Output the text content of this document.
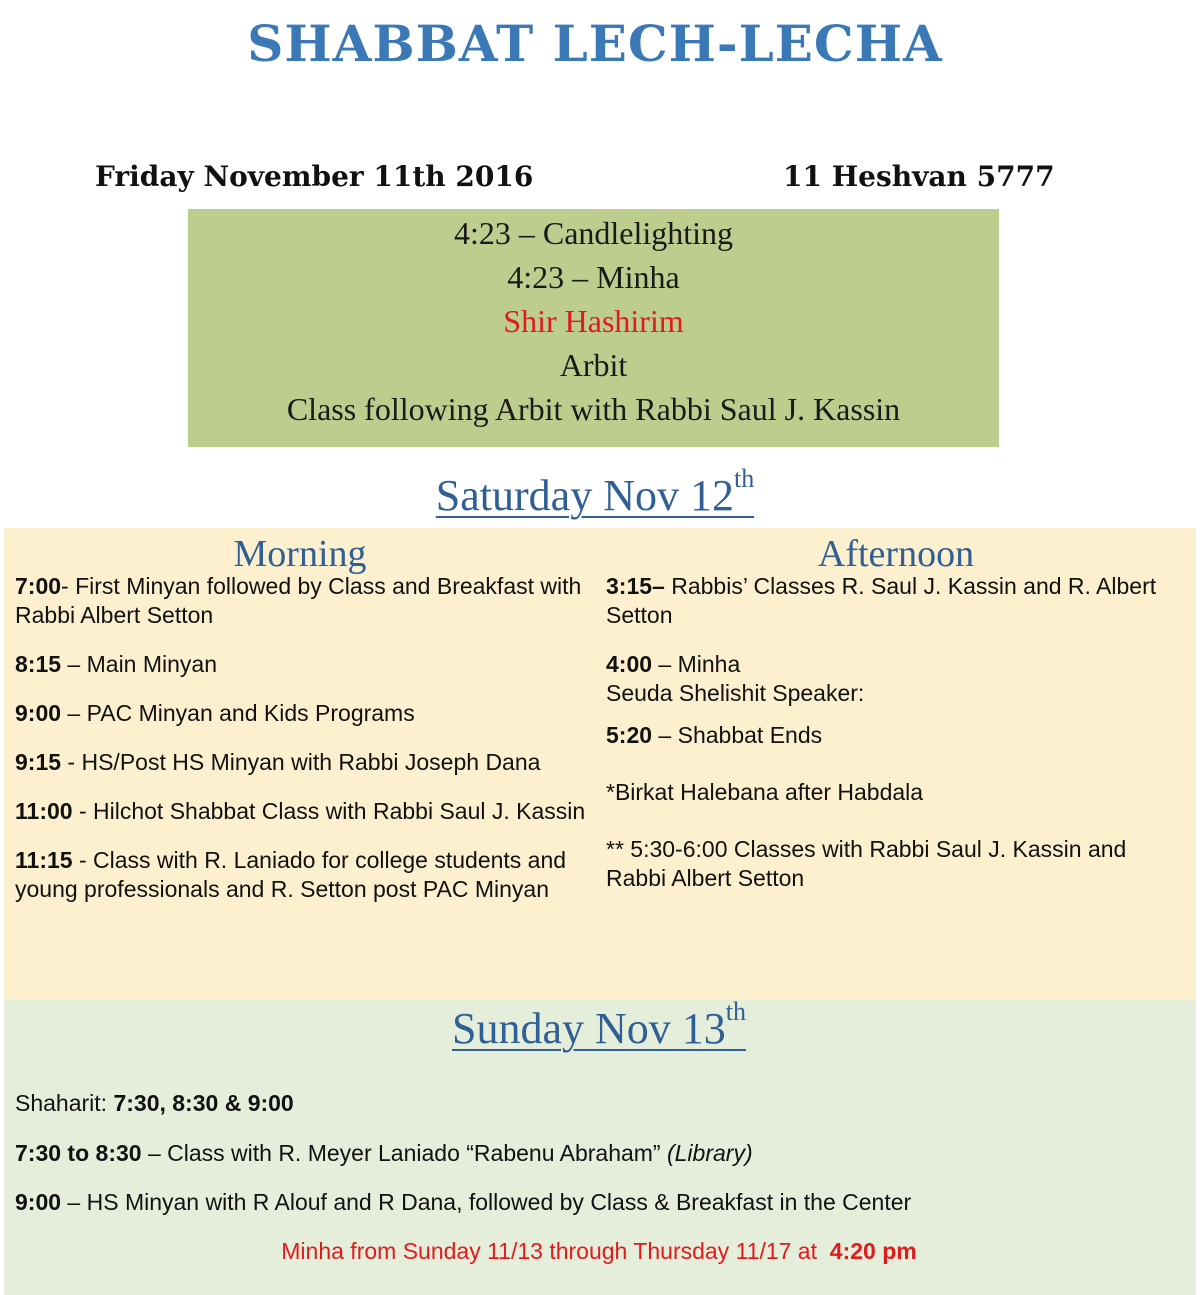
SHABBAT LECH-LECHA
Friday November 11th 2016	11 Heshvan 5777
4:23 – Candlelighting
4:23 – Minha
Shir Hashirim
Arbit
Class following Arbit with Rabbi Saul J. Kassin
Saturday Nov 12th
Morning

7:00- First Minyan followed by Class and Breakfast with Rabbi Albert Setton

8:15 – Main Minyan

9:00 – PAC Minyan and Kids Programs

9:15 - HS/Post HS Minyan with Rabbi Joseph Dana

11:00 - Hilchot Shabbat Class with Rabbi Saul J. Kassin

11:15 - Class with R. Laniado for college students and young professionals and R. Setton post PAC Minyan

Afternoon

3:15– Rabbis’ Classes R. Saul J. Kassin and R. Albert Setton

4:00 – Minha

Seuda Shelishit Speaker:

5:20 – Shabbat Ends

*Birkat Halebana after Habdala

** 5:30-6:00 Classes with Rabbi Saul J. Kassin and Rabbi Albert Setton

Sunday Nov 13th
Shaharit: 7:30, 8:30 & 9:00
7:30 to 8:30 – Class with R. Meyer Laniado “Rabenu Abraham” (Library)
9:00 – HS Minyan with R Alouf and R Dana, followed by Class & Breakfast in the Center
Minha from Sunday 11/13 through Thursday 11/17 at  4:20 pm
